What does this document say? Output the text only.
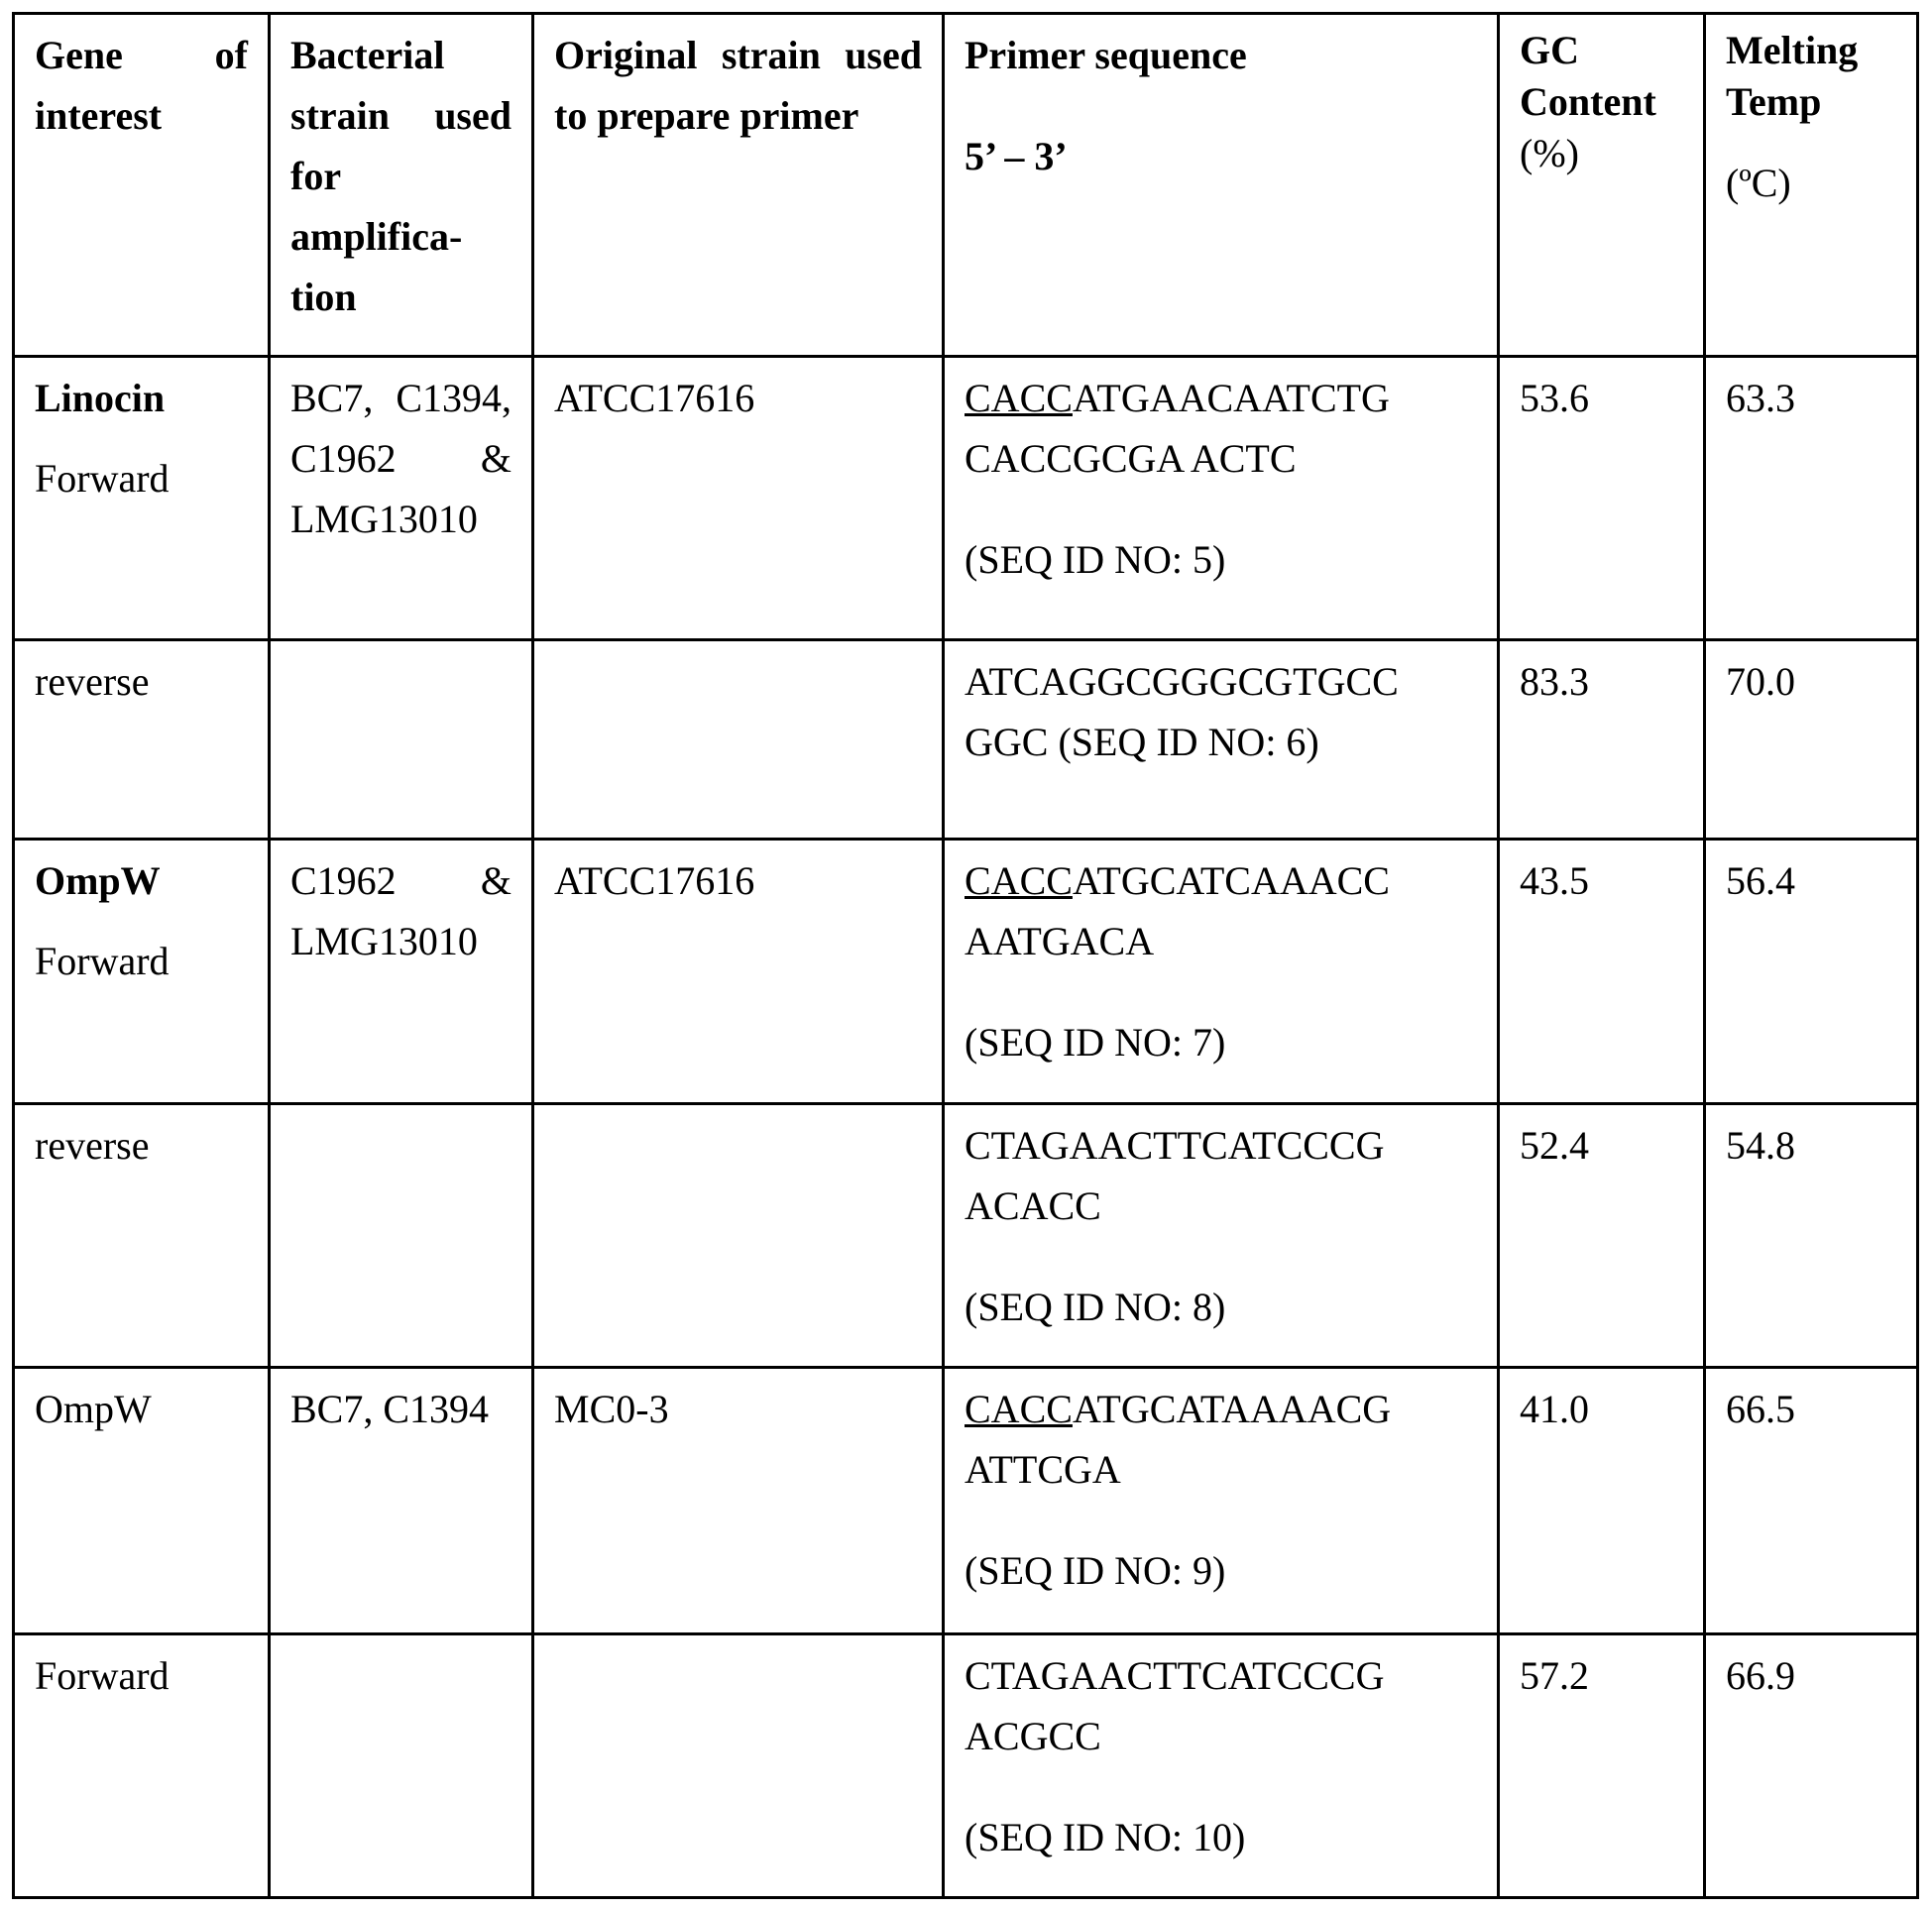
Gene of interest	Bacterial strain used for amplifica-tion	Original strain used to prepare primer	

Primer sequence

5’ – 3’

	GC Content
(%)	Melting Temp

(ºC)

Linocin

Forward

	BC7, C1394, C1962 & LMG13010	ATCC17616	CACCATGAACAATCTG CACCGCGA ACTC

(SEQ ID NO: 5)

	53.6	63.3

reverse			ATCAGGCGGGCGTGCC GGC (SEQ ID NO: 6)

	83.3	70.0

OmpW

Forward

	C1962 & LMG13010	ATCC17616	CACCATGCATCAAACC AATGACA

(SEQ ID NO: 7)

	43.5	56.4

reverse			CTAGAACTTCATCCCG ACACC

(SEQ ID NO: 8)

	52.4	54.8

OmpW	BC7, C1394	MC0-3	CACCATGCATAAAACG ATTCGA

(SEQ ID NO: 9)

	41.0	66.5

Forward			CTAGAACTTCATCCCG ACGCC

(SEQ ID NO: 10)

	57.2	66.9
